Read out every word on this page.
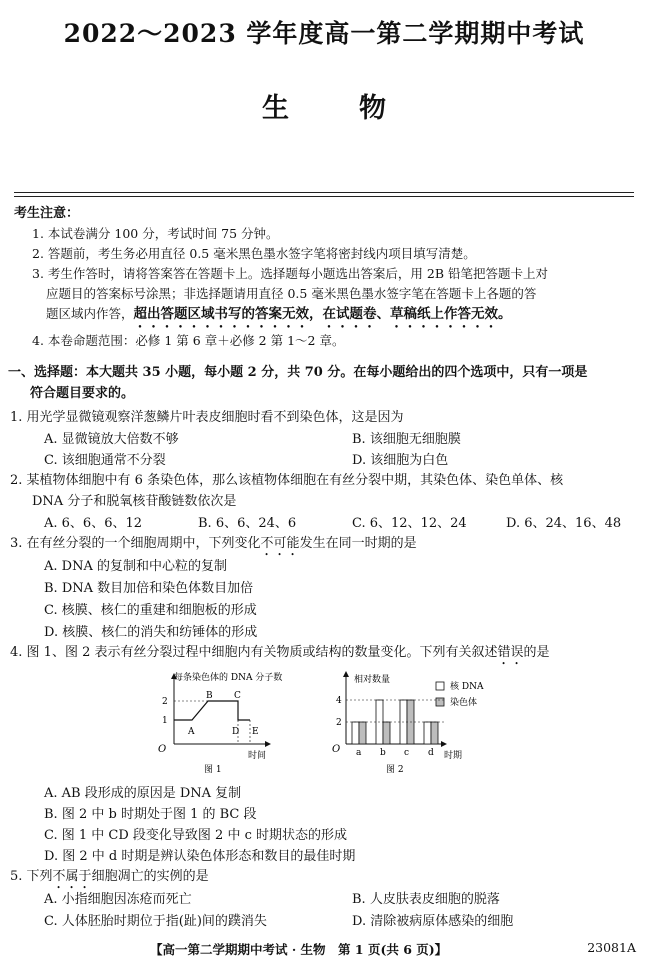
2022～2023 学年度高一第二学期期中考试
生物
考生注意：
1. 本试卷满分 100 分，考试时间 75 分钟。
2. 答题前，考生务必用直径 0.5 毫米黑色墨水签字笔将密封线内项目填写清楚。
3. 考生作答时，请将答案答在答题卡上。选择题每小题选出答案后，用 2B 铅笔把答题卡上对
应题目的答案标号涂黑；非选择题请用直径 0.5 毫米黑色墨水签字笔在答题卡上各题的答
题区域内作答，超出答题区域书写的答案无效，在试题卷、草稿纸上作答无效。
4. 本卷命题范围：必修 1 第 6 章＋必修 2 第 1～2 章。
一、选择题：本大题共 35 小题，每小题 2 分，共 70 分。在每小题给出的四个选项中，只有一项是
符合题目要求的。
1. 用光学显微镜观察洋葱鳞片叶表皮细胞时看不到染色体，这是因为
A. 显微镜放大倍数不够	B. 该细胞无细胞膜
C. 该细胞通常不分裂	D. 该细胞为白色
2. 某植物体细胞中有 6 条染色体，那么该植物体细胞在有丝分裂中期，其染色体、染色单体、核
DNA 分子和脱氧核苷酸链数依次是
A. 6、6、6、12	B. 6、6、24、6	C. 6、12、12、24	D. 6、24、16、48
3. 在有丝分裂的一个细胞周期中，下列变化不可能发生在同一时期的是
A. DNA 的复制和中心粒的复制
B. DNA 数目加倍和染色体数目加倍
C. 核膜、核仁的重建和细胞板的形成
D. 核膜、核仁的消失和纺锤体的形成
4. 图 1、图 2 表示有丝分裂过程中细胞内有关物质或结构的数量变化。下列有关叙述错误的是
每条染色体的 DNA 分子数
1
2
O
A
B C
D E
时间
图 1
相对数量
O
时期
图 2
核 DNA
染色体
a b c d
2
4
A. AB 段形成的原因是 DNA 复制
B. 图 2 中 b 时期处于图 1 的 BC 段
C. 图 1 中 CD 段变化导致图 2 中 c 时期状态的形成
D. 图 2 中 d 时期是辨认染色体形态和数目的最佳时期
5. 下列不属于细胞凋亡的实例的是
A. 小指细胞因冻疮而死亡	B. 人皮肤表皮细胞的脱落
C. 人体胚胎时期位于指(趾)间的蹼消失	D. 清除被病原体感染的细胞
【高一第二学期期中考试 · 生物　第 1 页(共 6 页)】	23081A
